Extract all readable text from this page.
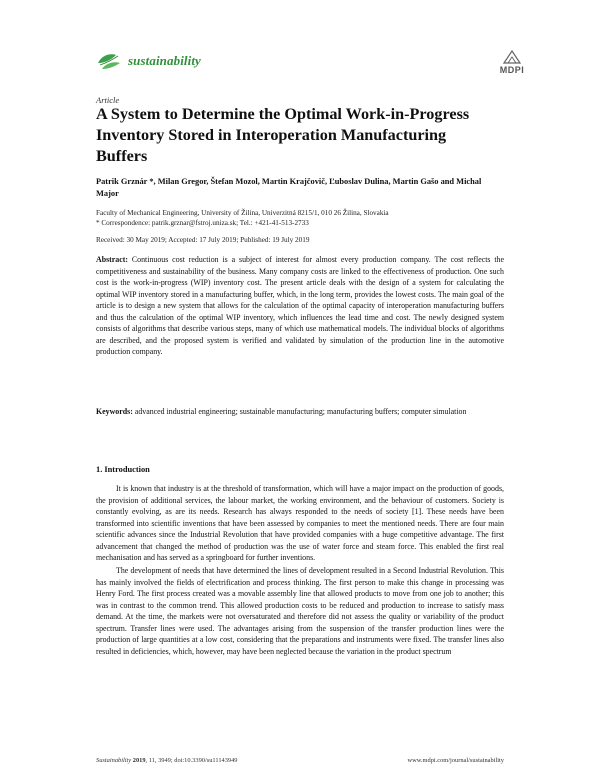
sustainability
MDPI
Article
A System to Determine the Optimal Work-in-Progress Inventory Stored in Interoperation Manufacturing Buffers
Patrik Grznár *, Milan Gregor, Štefan Mozol, Martin Krajčovič, Ľuboslav Dulina, Martin Gašo and Michal Major
Faculty of Mechanical Engineering, University of Žilina, Univerzitná 8215/1, 010 26 Žilina, Slovakia
* Correspondence: patrik.grznar@fstroj.uniza.sk; Tel.: +421-41-513-2733
Received: 30 May 2019; Accepted: 17 July 2019; Published: 19 July 2019

Abstract: Continuous cost reduction is a subject of interest for almost every production company. The cost reflects the competitiveness and sustainability of the business. Many company costs are linked to the effectiveness of production. One such cost is the work-in-progress (WIP) inventory cost. The present article deals with the design of a system for calculating the optimal WIP inventory stored in a manufacturing buffer, which, in the long term, provides the lowest costs. The main goal of the article is to design a new system that allows for the calculation of the optimal capacity of interoperation manufacturing buffers and thus the calculation of the optimal WIP inventory, which influences the lead time and cost. The newly designed system consists of algorithms that describe various steps, many of which use mathematical models. The individual blocks of algorithms are described, and the proposed system is verified and validated by simulation of the production line in the automotive production company.

Keywords: advanced industrial engineering; sustainable manufacturing; manufacturing buffers; computer simulation

1. Introduction

It is known that industry is at the threshold of transformation, which will have a major impact on the production of goods, the provision of additional services, the labour market, the working environment, and the behaviour of customers. Society is constantly evolving, as are its needs. Research has always responded to the needs of society [1]. These needs have been transformed into scientific inventions that have been assessed by companies to meet the mentioned needs. There are four main scientific advances since the Industrial Revolution that have provided companies with a huge competitive advantage. The first advancement that changed the method of production was the use of water force and steam force. This enabled the first real mechanisation and has served as a springboard for further inventions.

The development of needs that have determined the lines of development resulted in a Second Industrial Revolution. This has mainly involved the fields of electrification and process thinking. The first person to make this change in processing was Henry Ford. The first process created was a movable assembly line that allowed products to move from one job to another; this was in contrast to the common trend. This allowed production costs to be reduced and production to increase to satisfy mass demand. At the time, the markets were not oversaturated and therefore did not assess the quality or variability of the product spectrum. Transfer lines were used. The advantages arising from the suspension of the transfer production lines were the production of large quantities at a low cost, considering that the preparations and instruments were fixed. The transfer lines also resulted in deficiencies, which, however, may have been neglected because the variation in the product spectrum

Sustainability 2019, 11, 3949; doi:10.3390/su11143949	www.mdpi.com/journal/sustainability
